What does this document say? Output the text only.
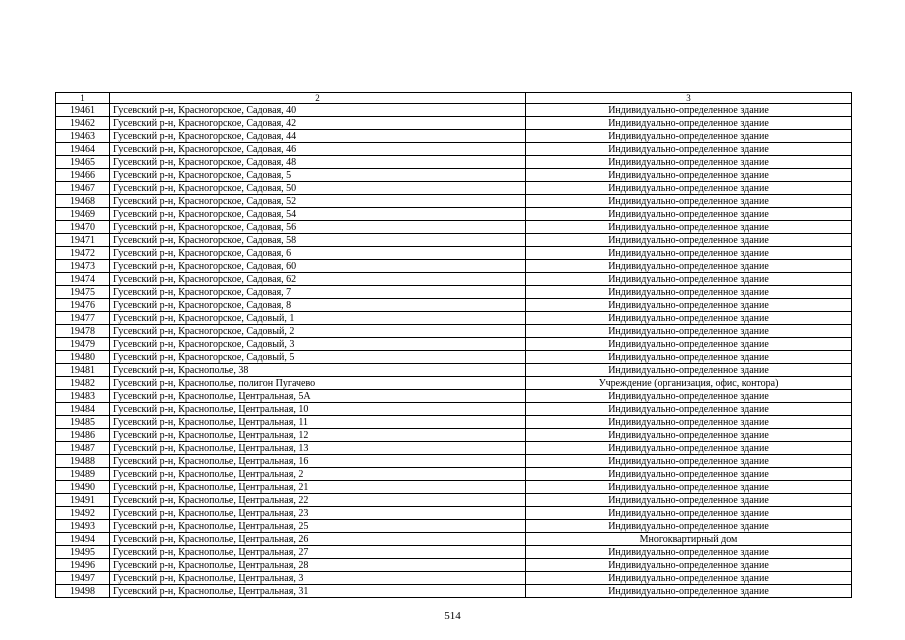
1	2	3
19461	Гусевский р-н, Красногорское, Садовая, 40	Индивидуально-определенное здание
19462	Гусевский р-н, Красногорское, Садовая, 42	Индивидуально-определенное здание
19463	Гусевский р-н, Красногорское, Садовая, 44	Индивидуально-определенное здание
19464	Гусевский р-н, Красногорское, Садовая, 46	Индивидуально-определенное здание
19465	Гусевский р-н, Красногорское, Садовая, 48	Индивидуально-определенное здание
19466	Гусевский р-н, Красногорское, Садовая, 5	Индивидуально-определенное здание
19467	Гусевский р-н, Красногорское, Садовая, 50	Индивидуально-определенное здание
19468	Гусевский р-н, Красногорское, Садовая, 52	Индивидуально-определенное здание
19469	Гусевский р-н, Красногорское, Садовая, 54	Индивидуально-определенное здание
19470	Гусевский р-н, Красногорское, Садовая, 56	Индивидуально-определенное здание
19471	Гусевский р-н, Красногорское, Садовая, 58	Индивидуально-определенное здание
19472	Гусевский р-н, Красногорское, Садовая, 6	Индивидуально-определенное здание
19473	Гусевский р-н, Красногорское, Садовая, 60	Индивидуально-определенное здание
19474	Гусевский р-н, Красногорское, Садовая, 62	Индивидуально-определенное здание
19475	Гусевский р-н, Красногорское, Садовая, 7	Индивидуально-определенное здание
19476	Гусевский р-н, Красногорское, Садовая, 8	Индивидуально-определенное здание
19477	Гусевский р-н, Красногорское, Садовый, 1	Индивидуально-определенное здание
19478	Гусевский р-н, Красногорское, Садовый, 2	Индивидуально-определенное здание
19479	Гусевский р-н, Красногорское, Садовый, 3	Индивидуально-определенное здание
19480	Гусевский р-н, Красногорское, Садовый, 5	Индивидуально-определенное здание
19481	Гусевский р-н, Краснополье, 38	Индивидуально-определенное здание
19482	Гусевский р-н, Краснополье, полигон Пугачево	Учреждение (организация, офис, контора)
19483	Гусевский р-н, Краснополье, Центральная, 5А	Индивидуально-определенное здание
19484	Гусевский р-н, Краснополье, Центральная, 10	Индивидуально-определенное здание
19485	Гусевский р-н, Краснополье, Центральная, 11	Индивидуально-определенное здание
19486	Гусевский р-н, Краснополье, Центральная, 12	Индивидуально-определенное здание
19487	Гусевский р-н, Краснополье, Центральная, 13	Индивидуально-определенное здание
19488	Гусевский р-н, Краснополье, Центральная, 16	Индивидуально-определенное здание
19489	Гусевский р-н, Краснополье, Центральная, 2	Индивидуально-определенное здание
19490	Гусевский р-н, Краснополье, Центральная, 21	Индивидуально-определенное здание
19491	Гусевский р-н, Краснополье, Центральная, 22	Индивидуально-определенное здание
19492	Гусевский р-н, Краснополье, Центральная, 23	Индивидуально-определенное здание
19493	Гусевский р-н, Краснополье, Центральная, 25	Индивидуально-определенное здание
19494	Гусевский р-н, Краснополье, Центральная, 26	Многоквартирный дом
19495	Гусевский р-н, Краснополье, Центральная, 27	Индивидуально-определенное здание
19496	Гусевский р-н, Краснополье, Центральная, 28	Индивидуально-определенное здание
19497	Гусевский р-н, Краснополье, Центральная, 3	Индивидуально-определенное здание
19498	Гусевский р-н, Краснополье, Центральная, 31	Индивидуально-определенное здание
514
